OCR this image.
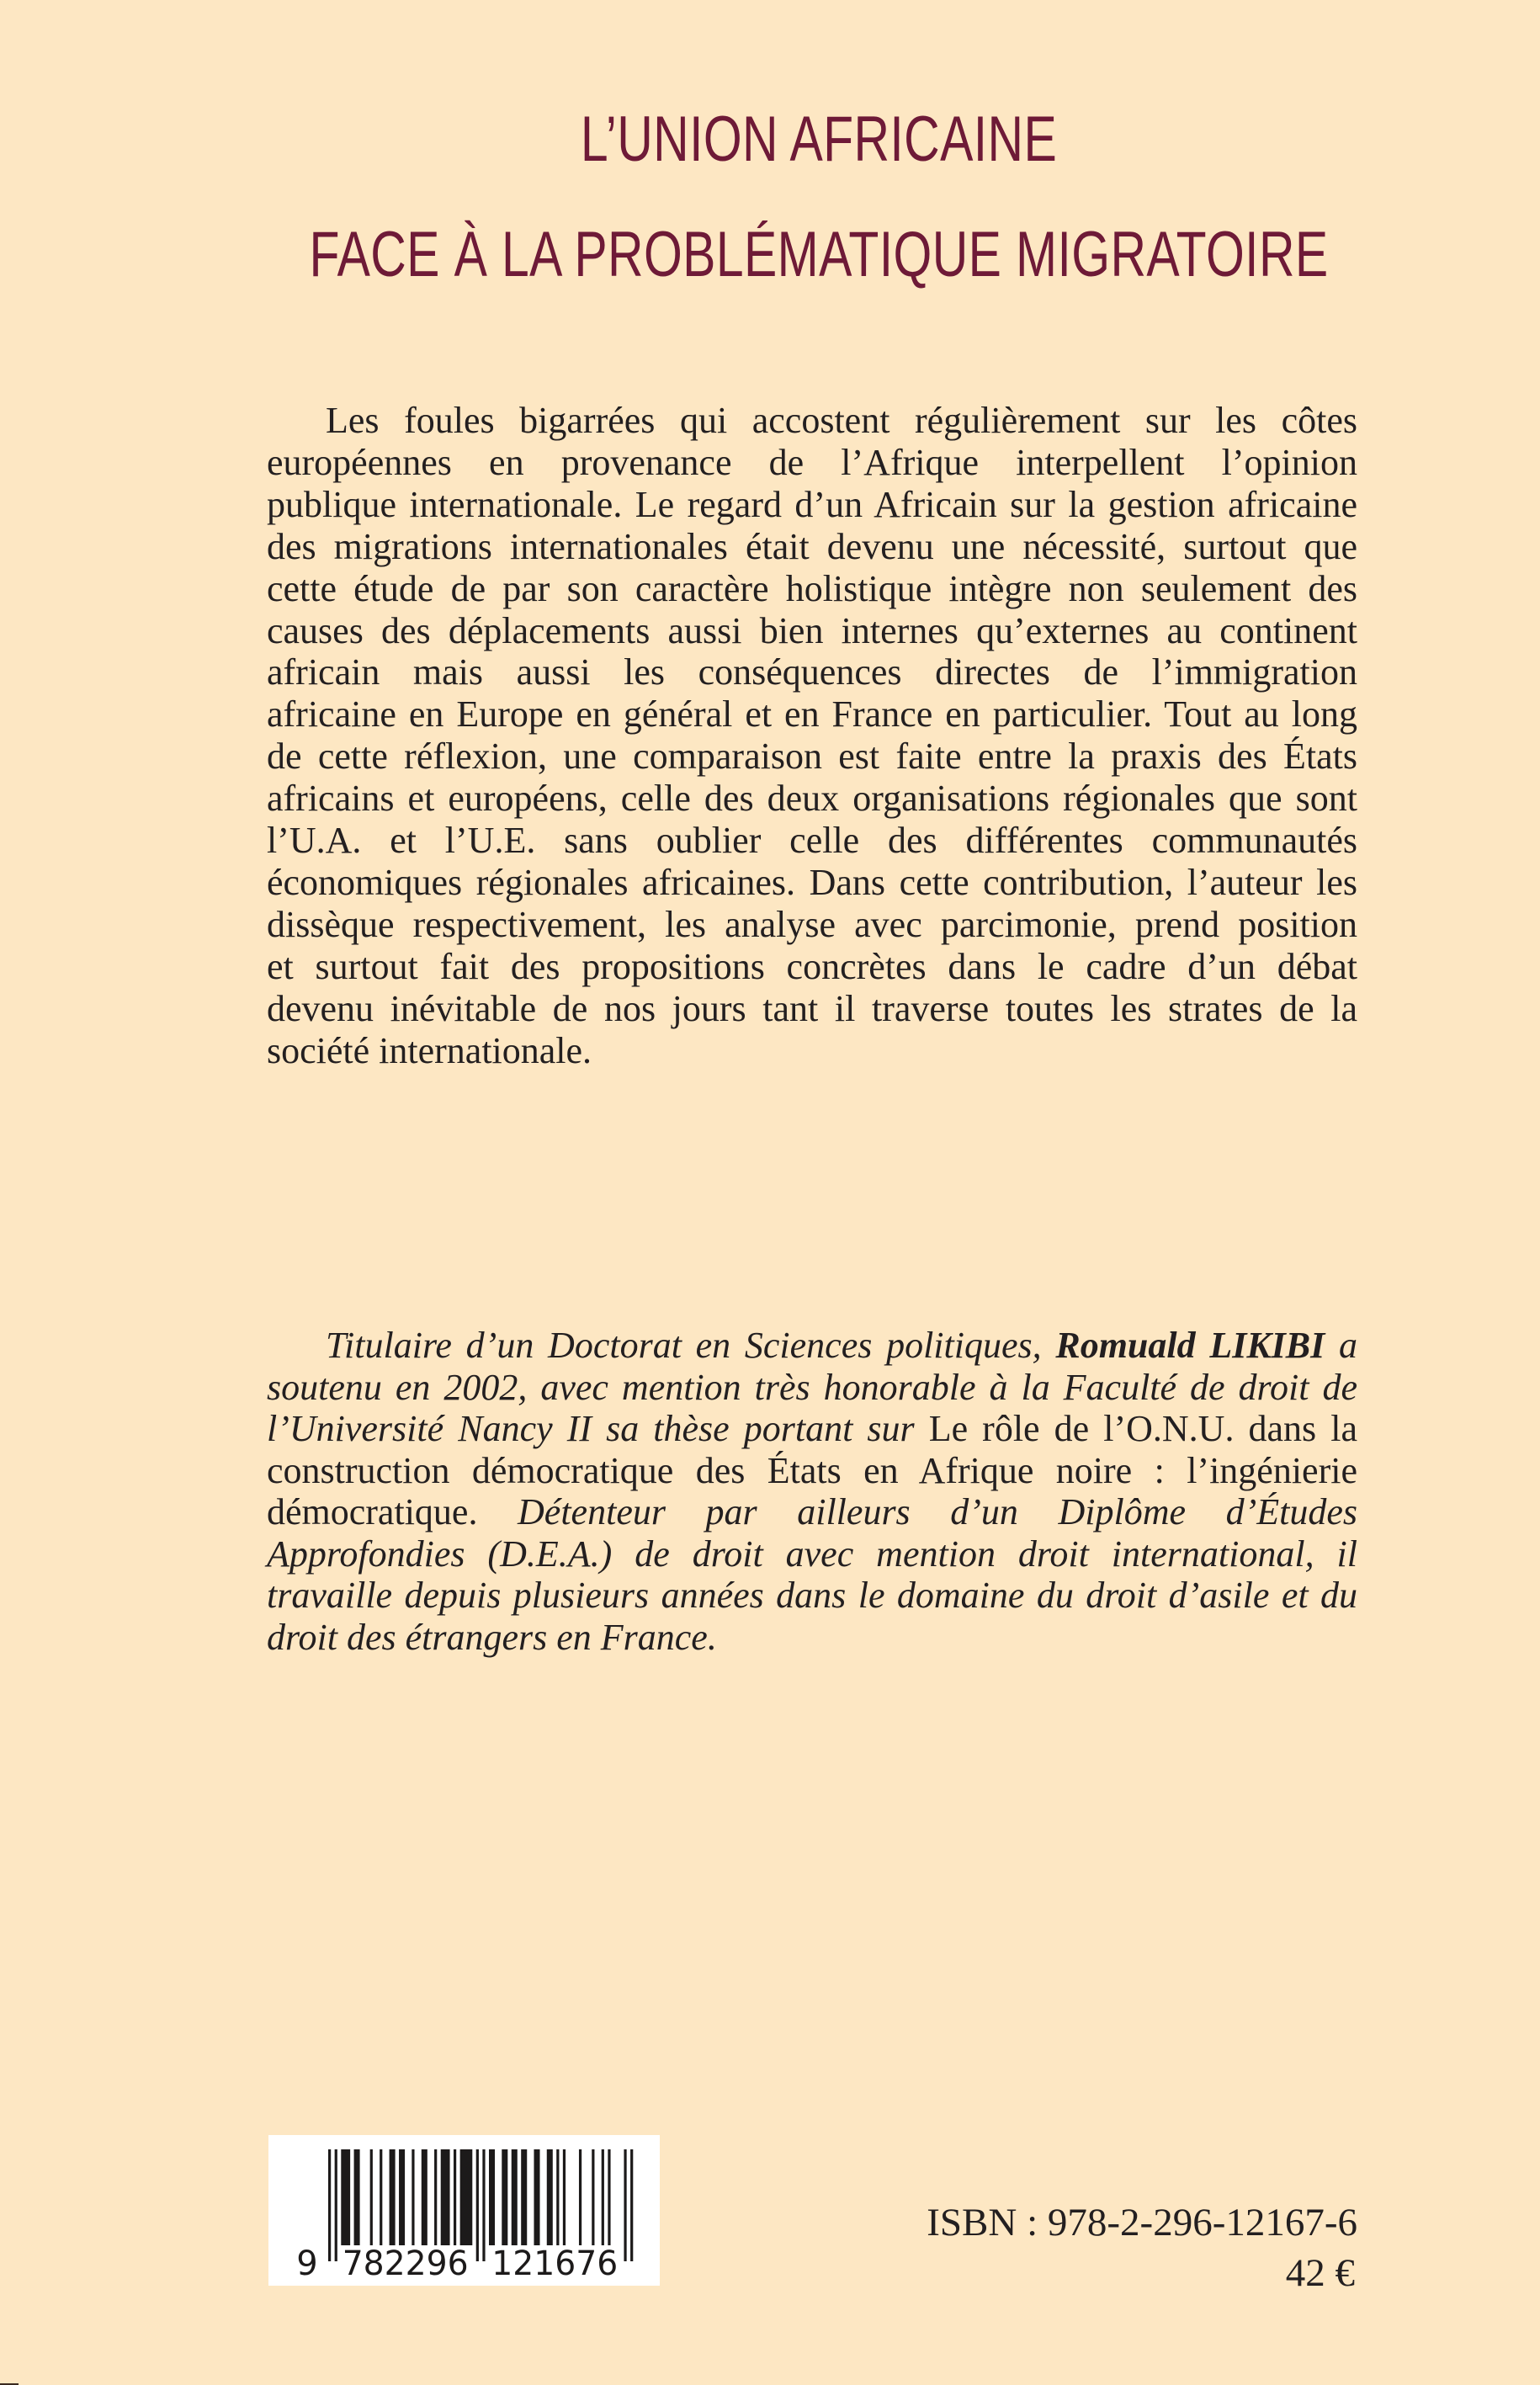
L’UNION AFRICAINE
FACE À LA PROBLÉMATIQUE MIGRATOIRE
Les foules bigarrées qui accostent régulièrement sur les côtes
européennes en provenance de l’Afrique interpellent l’opinion
publique internationale. Le regard d’un Africain sur la gestion africaine
des migrations internationales était devenu une nécessité, surtout que
cette étude de par son caractère holistique intègre non seulement des
causes des déplacements aussi bien internes qu’externes au continent
africain mais aussi les conséquences directes de l’immigration
africaine en Europe en général et en France en particulier. Tout au long
de cette réflexion, une comparaison est faite entre la praxis des États
africains et européens, celle des deux organisations régionales que sont
l’U.A. et l’U.E. sans oublier celle des différentes communautés
économiques régionales africaines. Dans cette contribution, l’auteur les
dissèque respectivement, les analyse avec parcimonie, prend position
et surtout fait des propositions concrètes dans le cadre d’un débat
devenu inévitable de nos jours tant il traverse toutes les strates de la
société internationale.
Titulaire d’un Doctorat en Sciences politiques, Romuald LIKIBI a
soutenu en 2002, avec mention très honorable à la Faculté de droit de
l’Université Nancy II sa thèse portant sur Le rôle de l’O.N.U. dans la
construction démocratique des États en Afrique noire : l’ingénierie
démocratique. Détenteur par ailleurs d’un Diplôme d’Études
Approfondies (D.E.A.) de droit avec mention droit international, il
travaille depuis plusieurs années dans le domaine du droit d’asile et du
droit des étrangers en France.
9 782296 121676
ISBN : 978-2-296-12167-6
42 €
